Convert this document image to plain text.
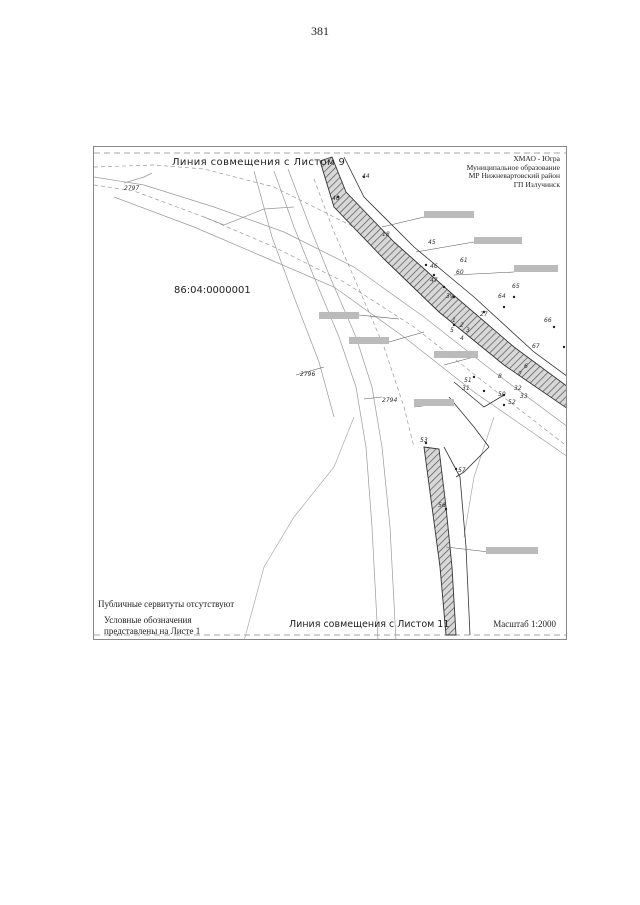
381
44
40
18
45
46
47
39
61
60
65
64
66
67
27
1
2
3
4
5
6
7
8
51
31
50
52
33
32
53
56
57
2796
2794
2797
Линия совмещения с Листом 9	ХМАО - Югра
Муниципальное образование
МР Нижневартовский район
ГП Излучинск
86:04:0000001
Публичные сервитуты отсутствуют
Условные обозначения
представлены на Листе 1
Линия совмещения с Листом 11	Масштаб 1:2000
